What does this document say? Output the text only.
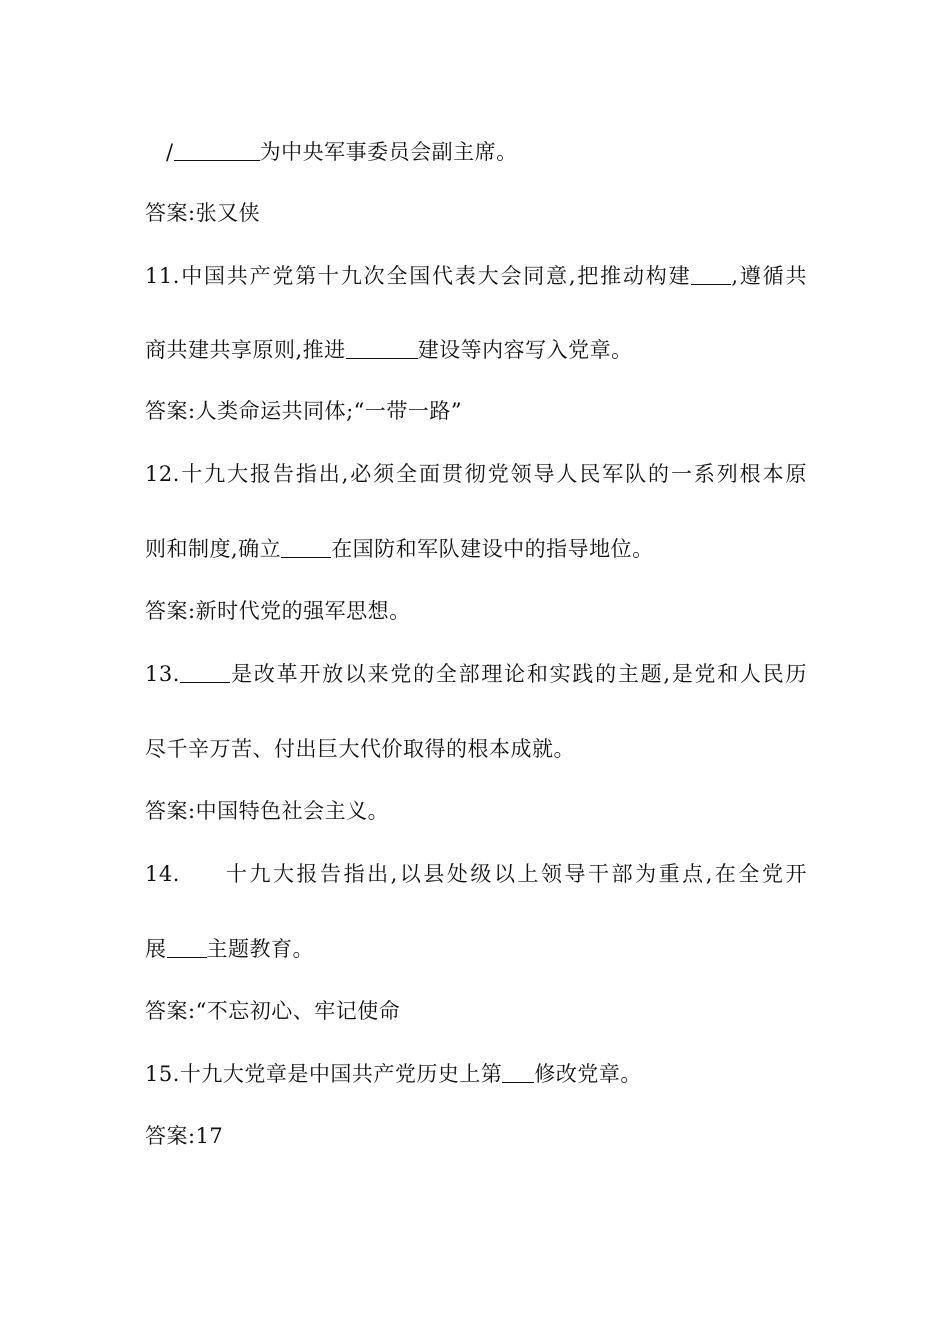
/	为中央军事委员会副主席。
答案:张又侠
11.中国共产党第十九次全国代表大会同意,把推动构建 ,遵循共
商共建共享原则,推进	建设等内容写入党章。
答案:人类命运共同体;“一带一路”
12.十九大报告指出,必须全面贯彻党领导人民军队的一系列根本原
则和制度,确立 在国防和军队建设中的指导地位。
答案:新时代党的强军思想。
13. 是改革开放以来党的全部理论和实践的主题,是党和人民历
尽千辛万苦、付出巨大代价取得的根本成就。
答案:中国特色社会主义。
14. 十九大报告指出,以县处级以上领导干部为重点,在全党开
展 主题教育。
答案:“不忘初心、牢记使命
15.十九大党章是中国共产党历史上第 修改党章。
答案:17
